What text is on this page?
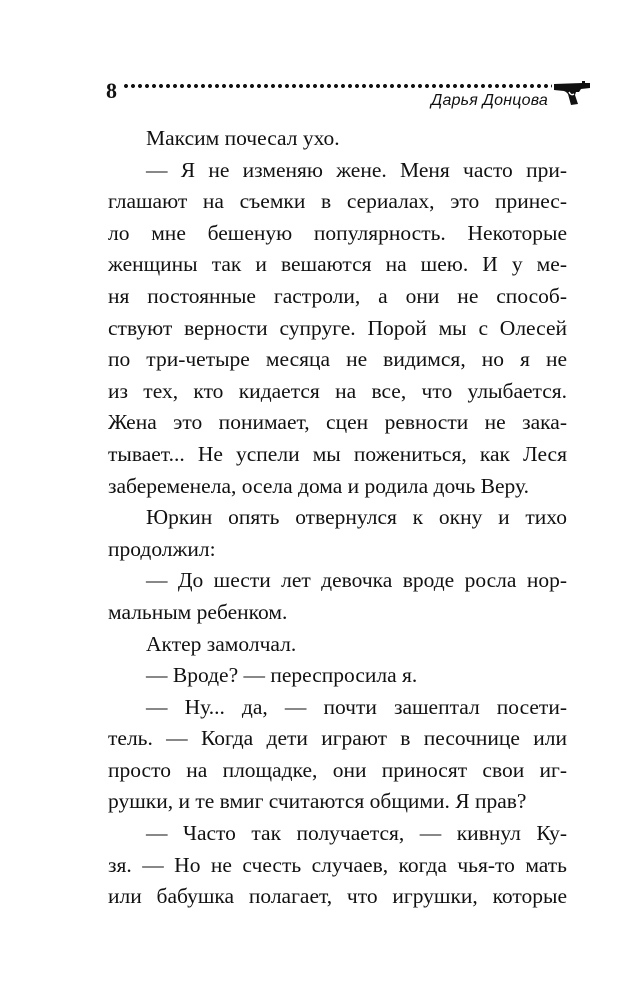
8	Дарья Донцова
Максим почесал ухо.
— Я не изменяю жене. Меня часто при-
глашают на съемки в сериалах, это принес-
ло мне бешеную популярность. Некоторые
женщины так и вешаются на шею. И у ме-
ня постоянные гастроли, а они не способ-
ствуют верности супруге. Порой мы с Олесей
по три-четыре месяца не видимся, но я не
из тех, кто кидается на все, что улыбается.
Жена это понимает, сцен ревности не зака-
тывает... Не успели мы пожениться, как Леся
забеременела, осела дома и родила дочь Веру.
Юркин опять отвернулся к окну и тихо
продолжил:
— До шести лет девочка вроде росла нор-
мальным ребенком.
Актер замолчал.
— Вроде? — переспросила я.
— Ну... да, — почти зашептал посети-
тель. — Когда дети играют в песочнице или
просто на площадке, они приносят свои иг-
рушки, и те вмиг считаются общими. Я прав?
— Часто так получается, — кивнул Ку-
зя. — Но не счесть случаев, когда чья-то мать
или бабушка полагает, что игрушки, которые
